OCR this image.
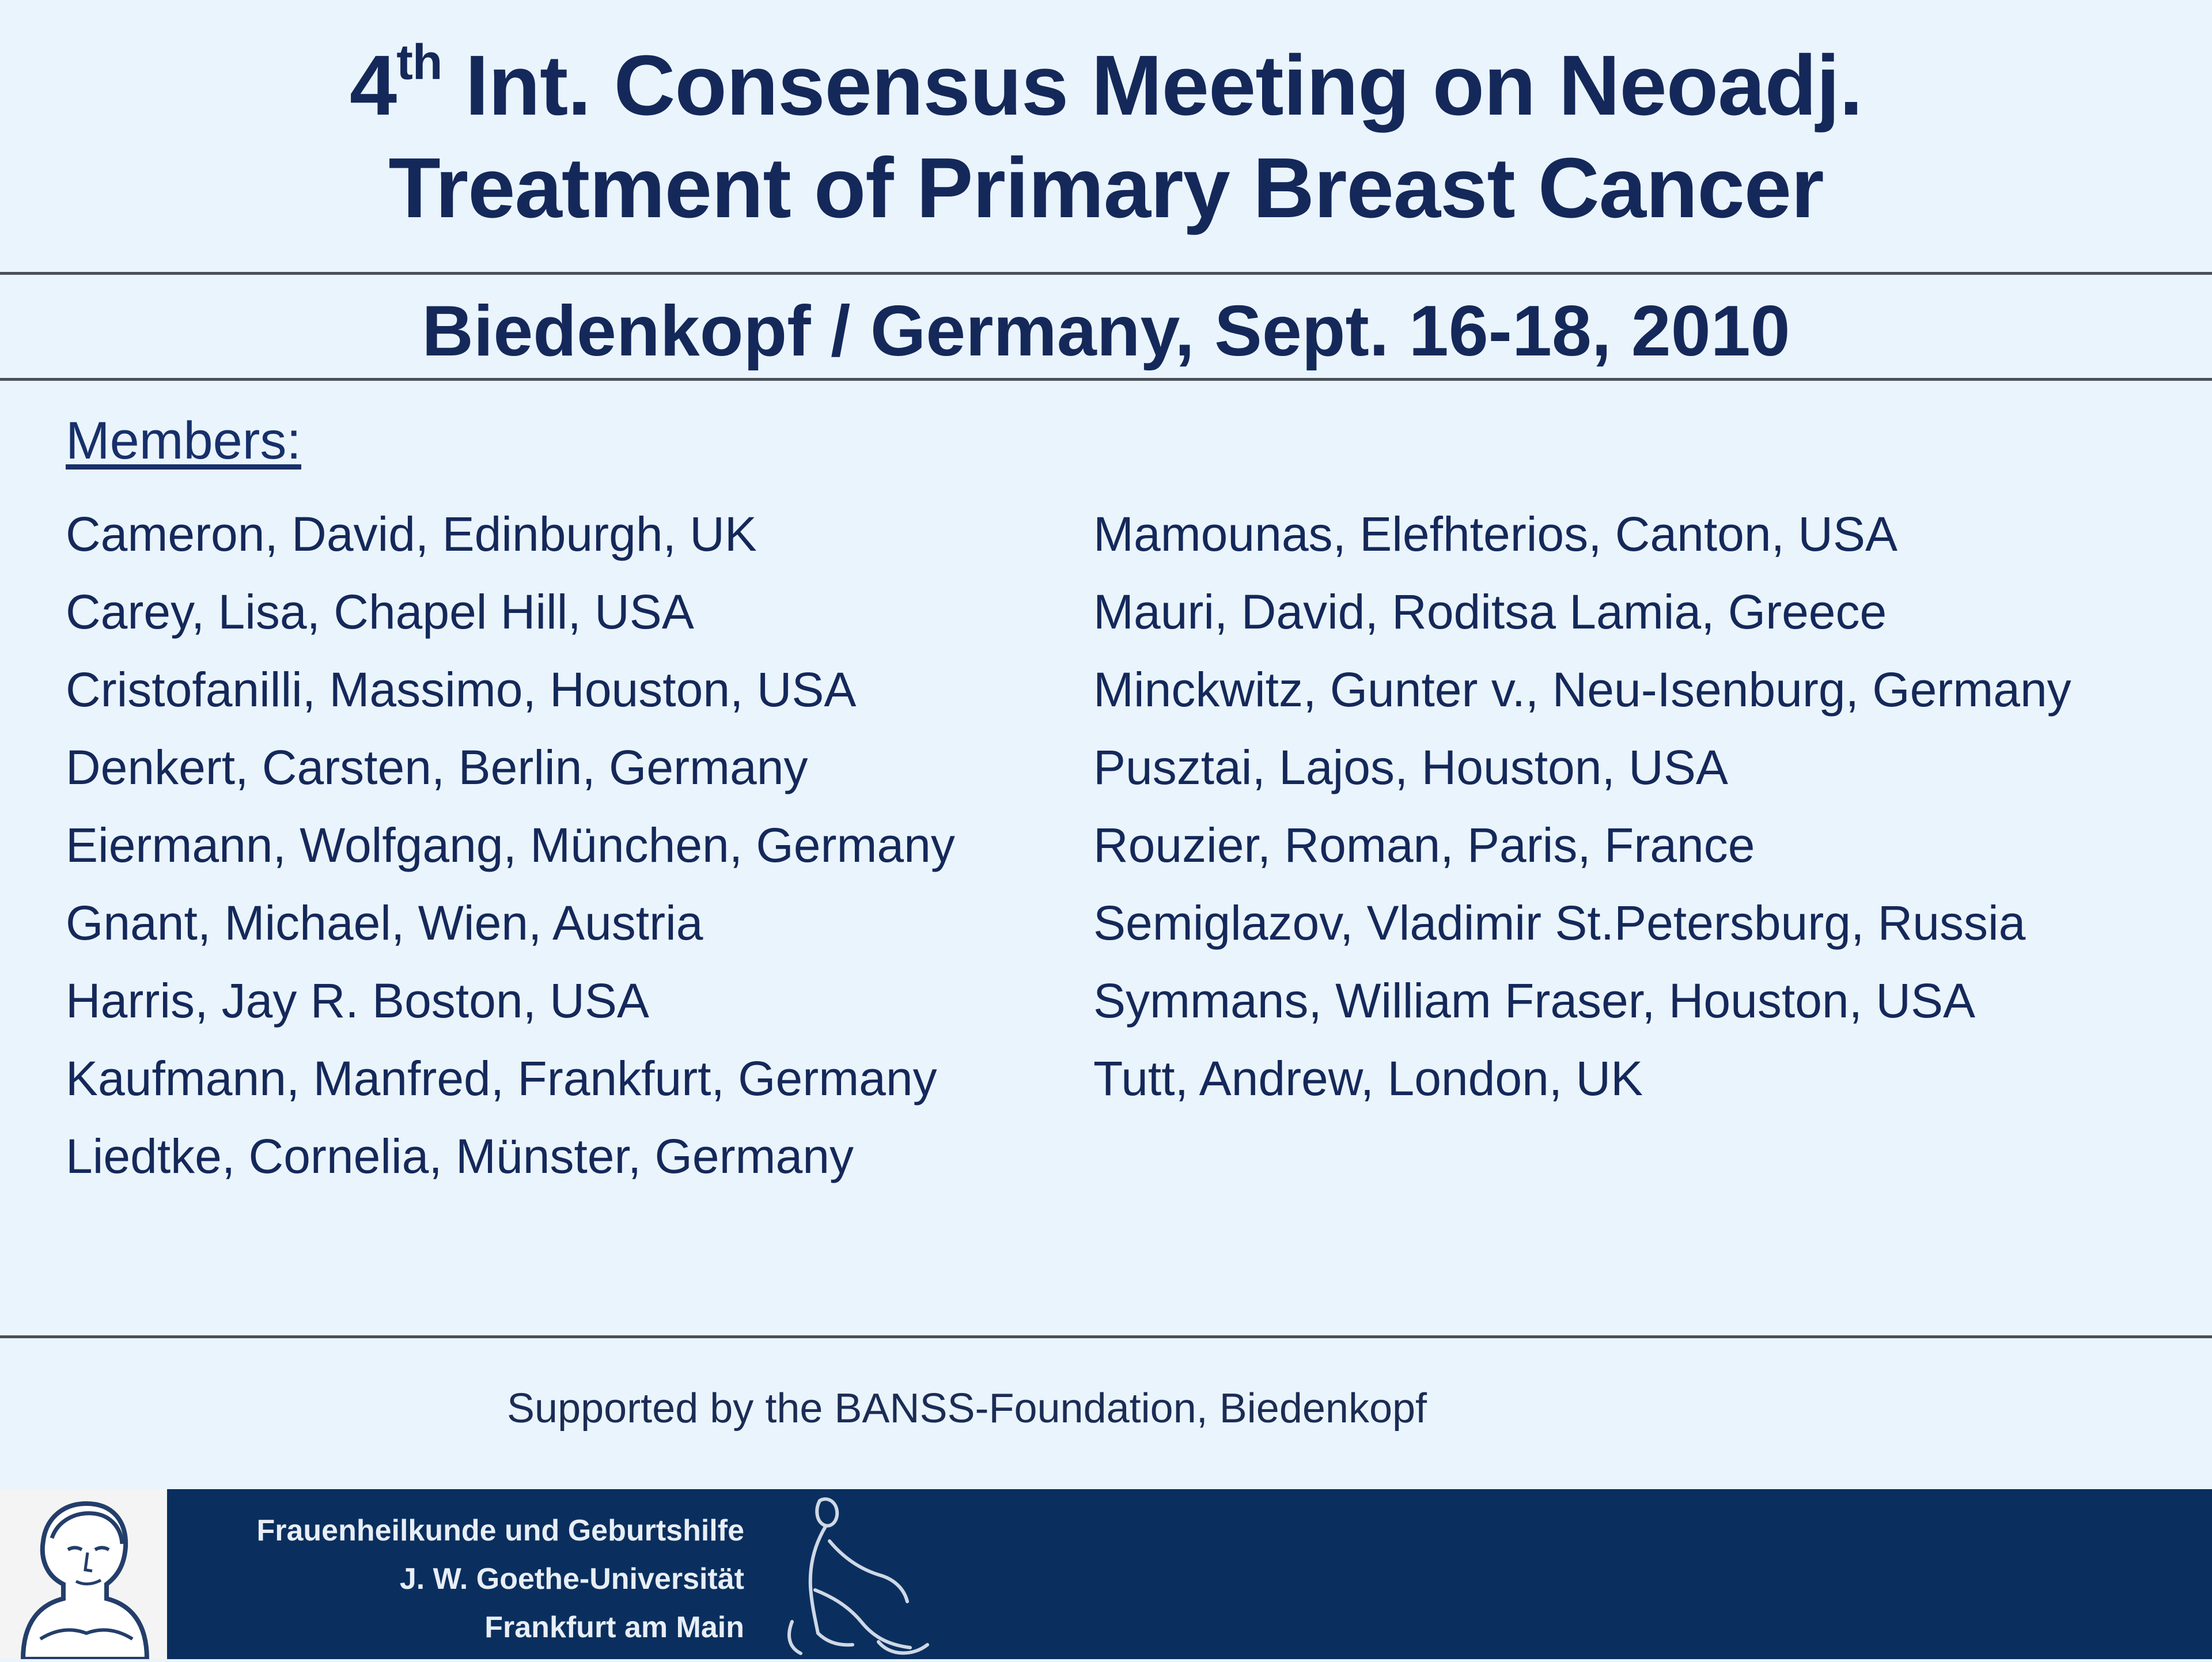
4th Int. Consensus Meeting on Neoadj.
Treatment of Primary Breast Cancer
Biedenkopf / Germany, Sept. 16-18, 2010
Members:
Cameron, David, Edinburgh, UK
Carey, Lisa, Chapel Hill, USA
Cristofanilli, Massimo, Houston, USA
Denkert, Carsten, Berlin, Germany
Eiermann, Wolfgang, München, Germany
Gnant, Michael, Wien, Austria
Harris, Jay R. Boston, USA
Kaufmann, Manfred, Frankfurt, Germany
Liedtke, Cornelia, Münster, Germany
Mamounas, Elefhterios, Canton, USA
Mauri, David, Roditsa Lamia, Greece
Minckwitz, Gunter v., Neu-Isenburg, Germany
Pusztai, Lajos, Houston, USA
Rouzier, Roman, Paris, France
Semiglazov, Vladimir St.Petersburg, Russia
Symmans, William Fraser, Houston, USA
Tutt, Andrew, London, UK
Supported by the BANSS-Foundation, Biedenkopf
Frauenheilkunde und Geburtshilfe
J. W. Goethe-Universität
Frankfurt am Main
